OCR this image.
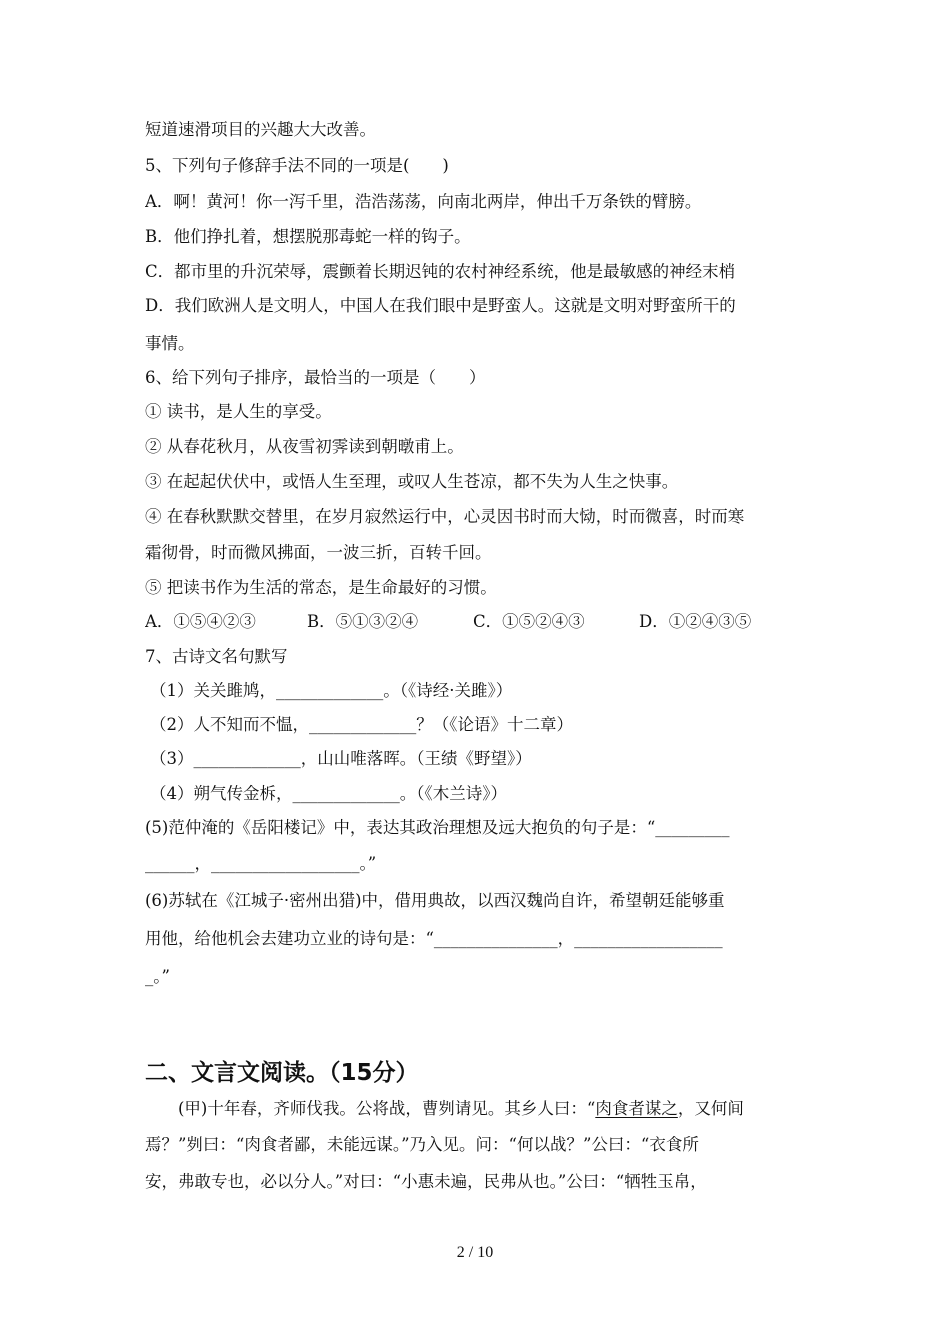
短道速滑项目的兴趣大大改善。
5、下列句子修辞手法不同的一项是(　　)
A．啊！黄河！你一泻千里，浩浩荡荡，向南北两岸，伸出千万条铁的臂膀。
B．他们挣扎着，想摆脱那毒蛇一样的钩子。
C．都市里的升沉荣辱，震颤着长期迟钝的农村神经系统，他是最敏感的神经末梢
D．我们欧洲人是文明人，中国人在我们眼中是野蛮人。这就是文明对野蛮所干的
事情。
6、给下列句子排序，最恰当的一项是（　　）
① 读书，是人生的享受。
② 从春花秋月，从夜雪初霁读到朝暾甫上。
③ 在起起伏伏中，或悟人生至理，或叹人生苍凉，都不失为人生之快事。
④ 在春秋默默交替里，在岁月寂然运行中，心灵因书时而大恸，时而微喜，时而寒
霜彻骨，时而微风拂面，一波三折，百转千回。
⑤ 把读书作为生活的常态，是生命最好的习惯。
A．①⑤④②③	B．⑤①③②④	C．①⑤②④③	D．①②④③⑤
7、古诗文名句默写
（1）关关雎鸠，_____________。（《诗经·关雎》）
（2）人不知而不愠，_____________？（《论语》十二章）
（3）_____________，山山唯落晖。（王绩《野望》）
（4）朔气传金柝，_____________。（《木兰诗》）
(5)范仲淹的《岳阳楼记》中，表达其政治理想及远大抱负的句子是：“_________
______，__________________。”
(6)苏轼在《江城子·密州出猎)中，借用典故，以西汉魏尚自许，希望朝廷能够重
用他，给他机会去建功立业的诗句是：“_______________，__________________
_。”
二、文言文阅读。（15分）
(甲)十年春，齐师伐我。公将战，曹刿请见。其乡人曰：“肉食者谋之，又何间
焉？”刿曰：“肉食者鄙，未能远谋。”乃入见。问：“何以战？”公曰：“衣食所
安，弗敢专也，必以分人。”对曰：“小惠未遍，民弗从也。”公曰：“牺牲玉帛，
2 / 10
